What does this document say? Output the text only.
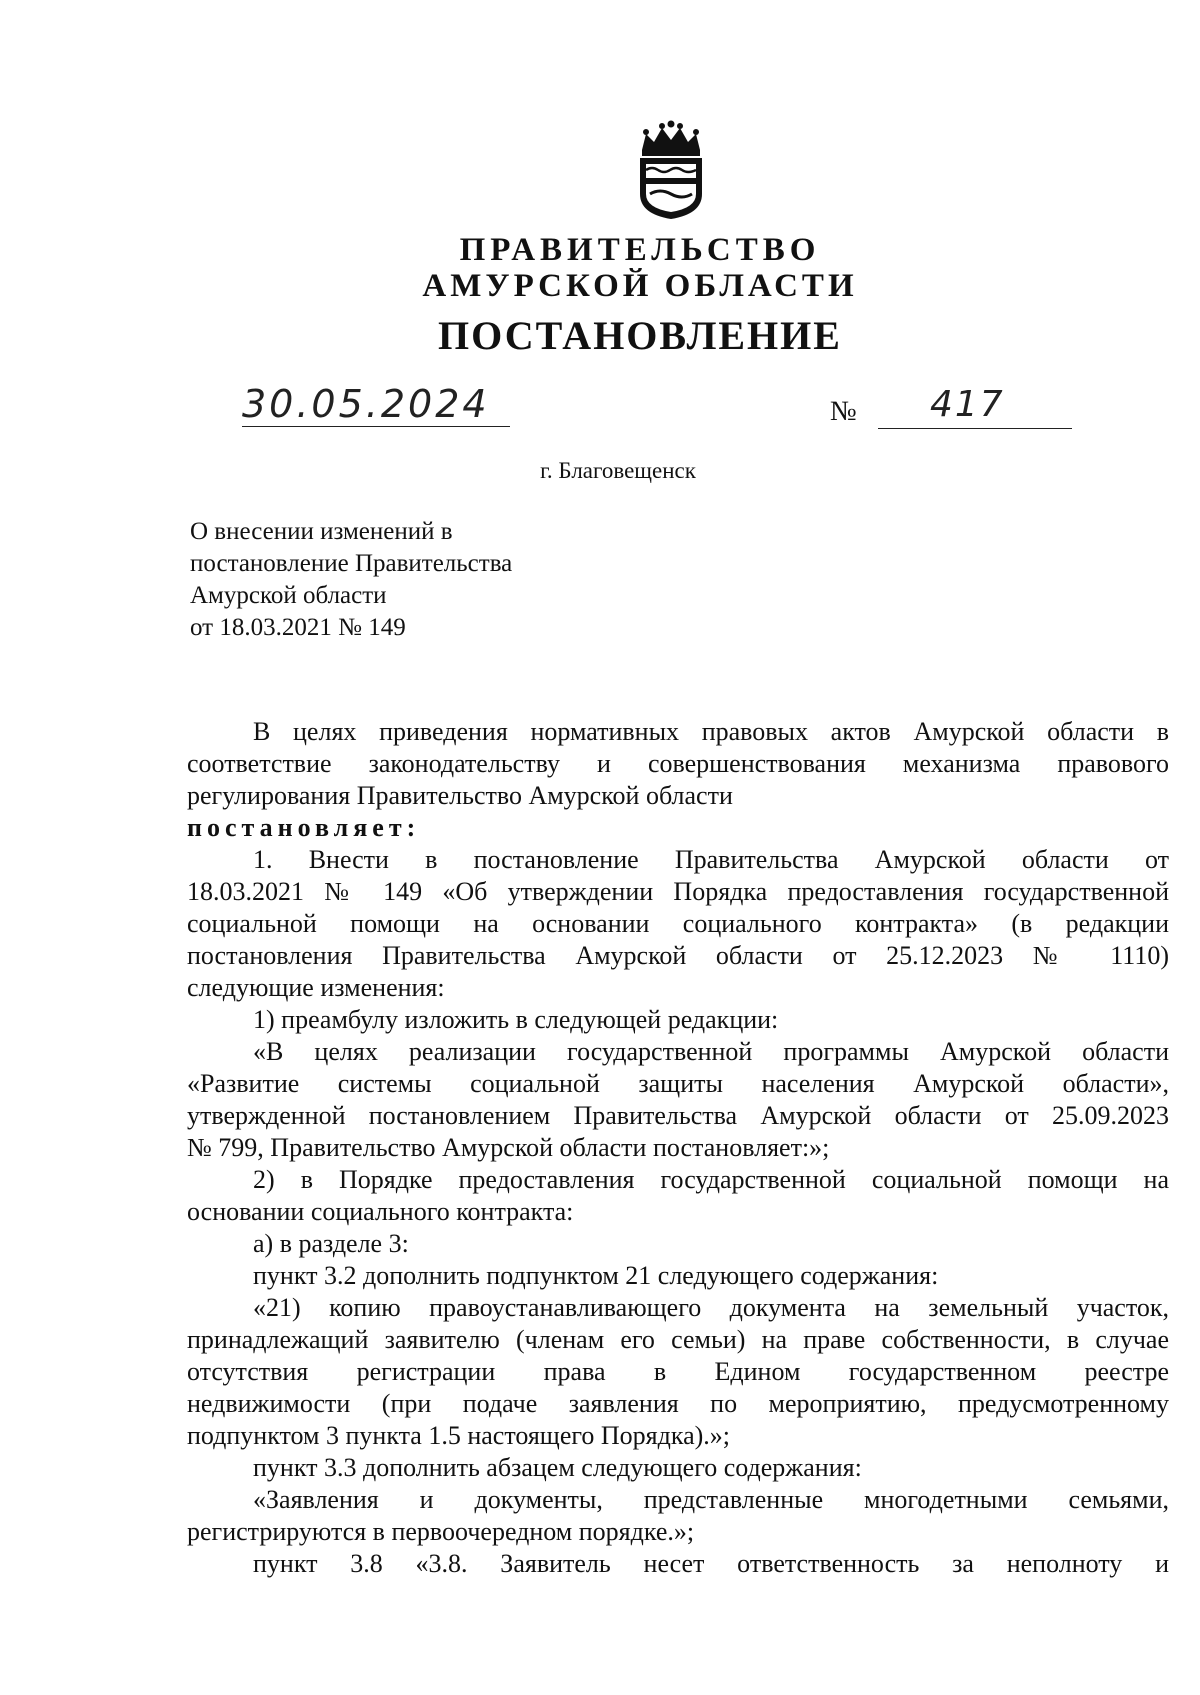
ПРАВИТЕЛЬСТВО
АМУРСКОЙ ОБЛАСТИ
ПОСТАНОВЛЕНИЕ
30.05.2024	№ 417
г. Благовещенск
О внесении изменений в
постановление Правительства
Амурской области
от 18.03.2021 № 149

В целях приведения нормативных правовых актов Амурской области в

соответствие законодательству и совершенствования механизма правового

регулирования Правительство Амурской области

постановляет:

1. Внести в постановление Правительства Амурской области от

18.03.2021 № 149 «Об утверждении Порядка предоставления государственной

социальной помощи на основании социального контракта» (в редакции

постановления Правительства Амурской области от 25.12.2023 № 1110)

следующие изменения:

1) преамбулу изложить в следующей редакции:

«В целях реализации государственной программы Амурской области

«Развитие системы социальной защиты населения Амурской области»,

утвержденной постановлением Правительства Амурской области от 25.09.2023

№ 799, Правительство Амурской области постановляет:»;

2) в Порядке предоставления государственной социальной помощи на

основании социального контракта:

а) в разделе 3:

пункт 3.2 дополнить подпунктом 21 следующего содержания:

«21) копию правоустанавливающего документа на земельный участок,

принадлежащий заявителю (членам его семьи) на праве собственности, в случае

отсутствия регистрации права в Едином государственном реестре

недвижимости (при подаче заявления по мероприятию, предусмотренному

подпунктом 3 пункта 1.5 настоящего Порядка).»;

пункт 3.3 дополнить абзацем следующего содержания:

«Заявления и документы, представленные многодетными семьями,

регистрируются в первоочередном порядке.»;

пункт 3.8 «3.8. Заявитель несет ответственность за неполноту и
